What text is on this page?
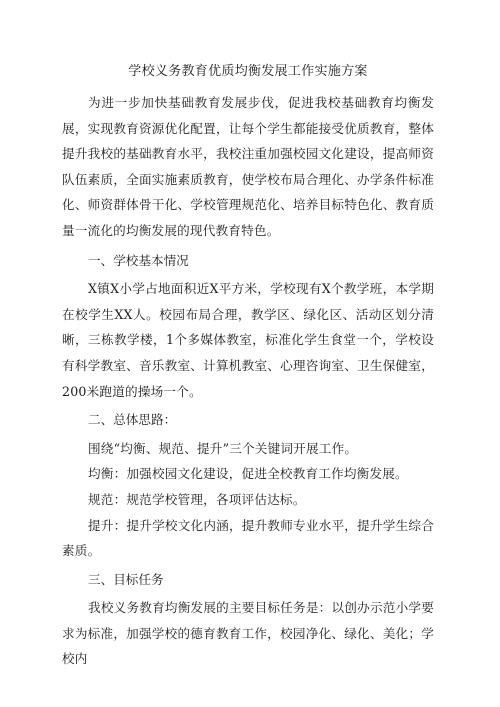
学校义务教育优质均衡发展工作实施方案

为进一步加快基础教育发展步伐，促进我校基础教育均衡发展，实现教育资源优化配置，让每个学生都能接受优质教育，整体提升我校的基础教育水平，我校注重加强校园文化建设，提高师资队伍素质，全面实施素质教育，使学校布局合理化、办学条件标准化、师资群体骨干化、学校管理规范化、培养目标特色化、教育质量一流化的均衡发展的现代教育特色。

一、学校基本情况

X镇X小学占地面积近X平方米，学校现有X个教学班，本学期在校学生XX人。校园布局合理，教学区、绿化区、活动区划分清晰，三栋教学楼，1个多媒体教室，标准化学生食堂一个，学校设有科学教室、音乐教室、计算机教室、心理咨询室、卫生保健室，200米跑道的操场一个。

二、总体思路：

围绕“均衡、规范、提升”三个关键词开展工作。

均衡：加强校园文化建设，促进全校教育工作均衡发展。

规范：规范学校管理，各项评估达标。

提升：提升学校文化内涵，提升教师专业水平，提升学生综合素质。

三、目标任务

我校义务教育均衡发展的主要目标任务是：以创办示范小学要求为标准，加强学校的德育教育工作，校园净化、绿化、美化；学校内
